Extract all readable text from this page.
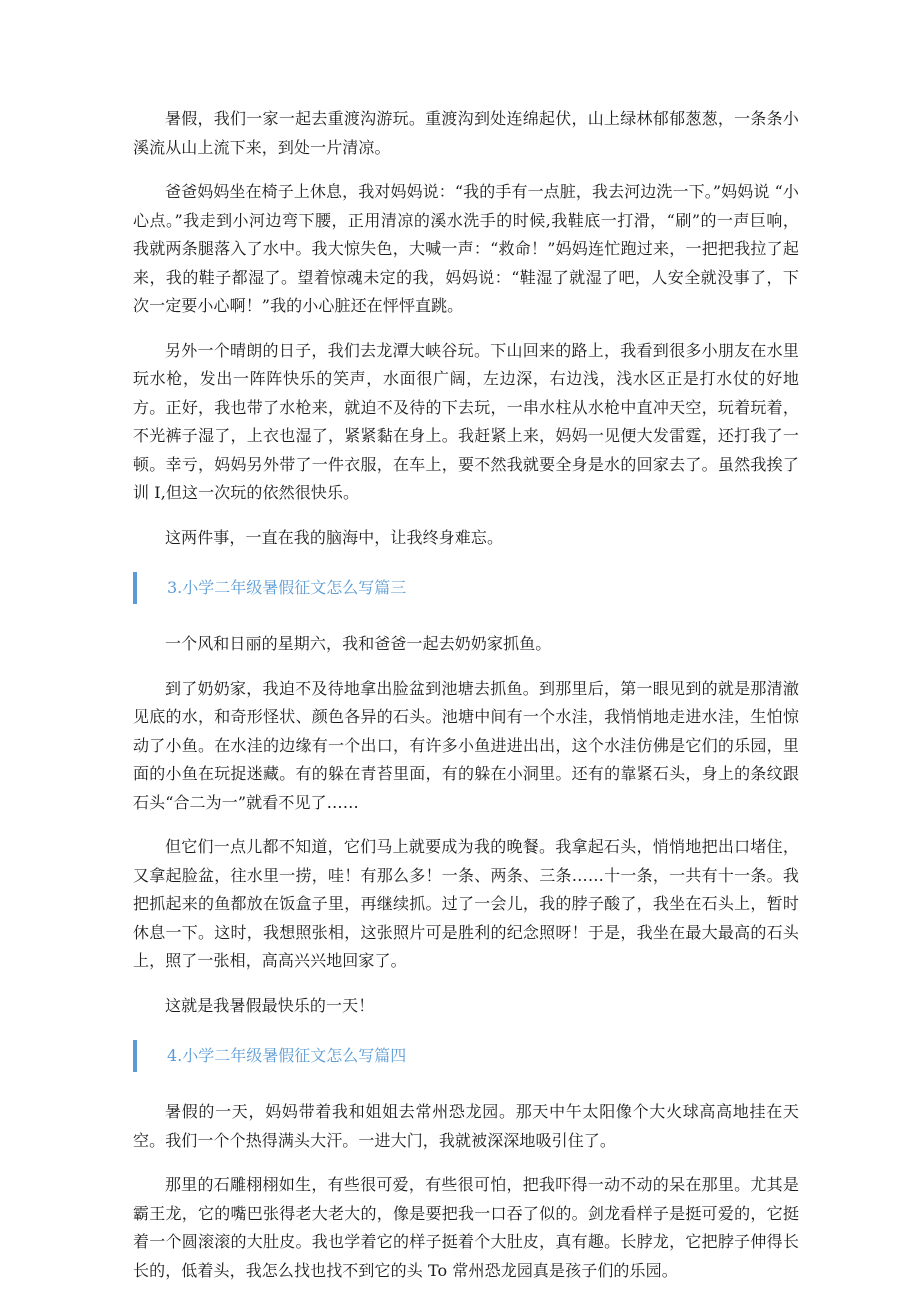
暑假，我们一家一起去重渡沟游玩。重渡沟到处连绵起伏，山上绿林郁郁葱葱，一条条小溪流从山上流下来，到处一片清凉。

爸爸妈妈坐在椅子上休息，我对妈妈说：“我的手有一点脏，我去河边洗一下。”妈妈说 “小心点。”我走到小河边弯下腰，正用清凉的溪水洗手的时候,我鞋底一打滑，“刷”的一声巨响，我就两条腿落入了水中。我大惊失色，大喊一声：“救命！”妈妈连忙跑过来，一把把我拉了起来，我的鞋子都湿了。望着惊魂未定的我，妈妈说：“鞋湿了就湿了吧，人安全就没事了，下次一定要小心啊！”我的小心脏还在怦怦直跳。

另外一个晴朗的日子，我们去龙潭大峡谷玩。下山回来的路上，我看到很多小朋友在水里玩水枪，发出一阵阵快乐的笑声，水面很广阔，左边深，右边浅，浅水区正是打水仗的好地方。正好，我也带了水枪来，就迫不及待的下去玩，一串水柱从水枪中直冲天空，玩着玩着，不光裤子湿了，上衣也湿了，紧紧黏在身上。我赶紧上来，妈妈一见便大发雷霆，还打我了一顿。幸亏，妈妈另外带了一件衣服，在车上，要不然我就要全身是水的回家去了。虽然我挨了训 I,但这一次玩的依然很快乐。

这两件事，一直在我的脑海中，让我终身难忘。

3.小学二年级暑假征文怎么写篇三

一个风和日丽的星期六，我和爸爸一起去奶奶家抓鱼。

到了奶奶家，我迫不及待地拿出脸盆到池塘去抓鱼。到那里后，第一眼见到的就是那清澈见底的水，和奇形怪状、颜色各异的石头。池塘中间有一个水洼，我悄悄地走进水洼，生怕惊动了小鱼。在水洼的边缘有一个出口，有许多小鱼进进出出，这个水洼仿佛是它们的乐园，里面的小鱼在玩捉迷藏。有的躲在青苔里面，有的躲在小洞里。还有的靠紧石头，身上的条纹跟石头“合二为一”就看不见了……

但它们一点儿都不知道，它们马上就要成为我的晚餐。我拿起石头，悄悄地把出口堵住，又拿起脸盆，往水里一捞，哇！有那么多！一条、两条、三条……十一条，一共有十一条。我把抓起来的鱼都放在饭盒子里，再继续抓。过了一会儿，我的脖子酸了，我坐在石头上，暂时休息一下。这时，我想照张相，这张照片可是胜利的纪念照呀！于是，我坐在最大最高的石头上，照了一张相，高高兴兴地回家了。

这就是我暑假最快乐的一天！

4.小学二年级暑假征文怎么写篇四

暑假的一天，妈妈带着我和姐姐去常州恐龙园。那天中午太阳像个大火球高高地挂在天空。我们一个个热得满头大汗。一进大门，我就被深深地吸引住了。

那里的石雕栩栩如生，有些很可爱，有些很可怕，把我吓得一动不动的呆在那里。尤其是霸王龙，它的嘴巴张得老大老大的，像是要把我一口吞了似的。剑龙看样子是挺可爱的，它挺着一个圆滚滚的大肚皮。我也学着它的样子挺着个大肚皮，真有趣。长脖龙，它把脖子伸得长长的，低着头，我怎么找也找不到它的头 To 常州恐龙园真是孩子们的乐园。
